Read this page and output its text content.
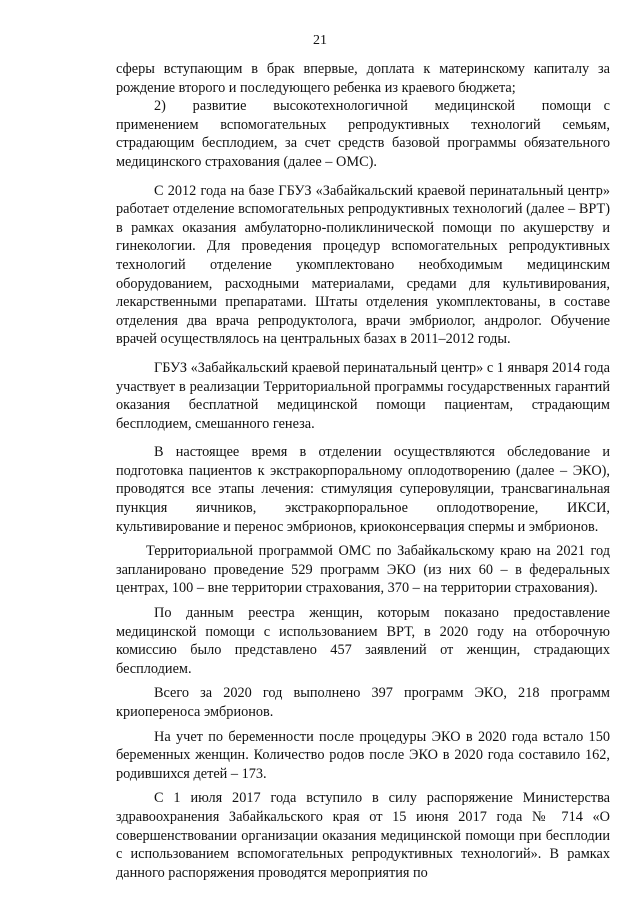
21

сферы вступающим в брак впервые, доплата к материнскому капиталу за рождение второго и последующего ребенка из краевого бюджета;

2)  развитие  высокотехнологичной  медицинской  помощи с применением вспомогательных репродуктивных технологий семьям, страдающим бесплодием, за счет средств базовой программы обязательного медицинского страхования (далее – ОМС).

С 2012 года на базе ГБУЗ «Забайкальский краевой перинатальный центр» работает отделение вспомогательных репродуктивных технологий (далее – ВРТ) в рамках оказания амбулаторно-поликлинической помощи по акушерству и гинекологии. Для проведения процедур вспомогательных репродуктивных технологий отделение укомплектовано необходимым медицинским оборудованием, расходными материалами, средами для культивирования, лекарственными препаратами. Штаты отделения укомплектованы, в составе отделения два врача репродуктолога, врачи эмбриолог, андролог. Обучение врачей осуществлялось на центральных базах в 2011–2012 годы.

ГБУЗ «Забайкальский краевой перинатальный центр» с 1 января 2014 года участвует в реализации Территориальной программы государственных гарантий оказания бесплатной медицинской помощи пациентам, страдающим бесплодием, смешанного генеза.

В настоящее время в отделении осуществляются обследование и подготовка пациентов к экстракорпоральному оплодотворению (далее – ЭКО), проводятся все этапы лечения: стимуляция суперовуляции, трансвагинальная пункция яичников, экстракорпоральное оплодотворение, ИКСИ, культивирование и перенос эмбрионов, криоконсервация спермы и эмбрионов.

Территориальной программой ОМС по Забайкальскому краю на 2021 год запланировано проведение 529 программ ЭКО (из них 60 – в федеральных центрах, 100 – вне территории страхования, 370 – на территории страхования).

По данным реестра женщин, которым показано предоставление медицинской помощи с использованием ВРТ, в 2020 году на отборочную комиссию было представлено 457 заявлений от женщин, страдающих бесплодием.

Всего за 2020 год выполнено 397 программ ЭКО, 218 программ криопереноса эмбрионов.

На учет по беременности после процедуры ЭКО в 2020 года встало 150 беременных женщин. Количество родов после ЭКО в 2020 года составило 162, родившихся детей – 173.

С 1 июля 2017 года вступило в силу распоряжение Министерства здравоохранения Забайкальского края от 15 июня 2017 года № 714 «О совершенствовании организации оказания медицинской помощи при бесплодии с использованием вспомогательных репродуктивных технологий». В рамках данного распоряжения проводятся мероприятия по
